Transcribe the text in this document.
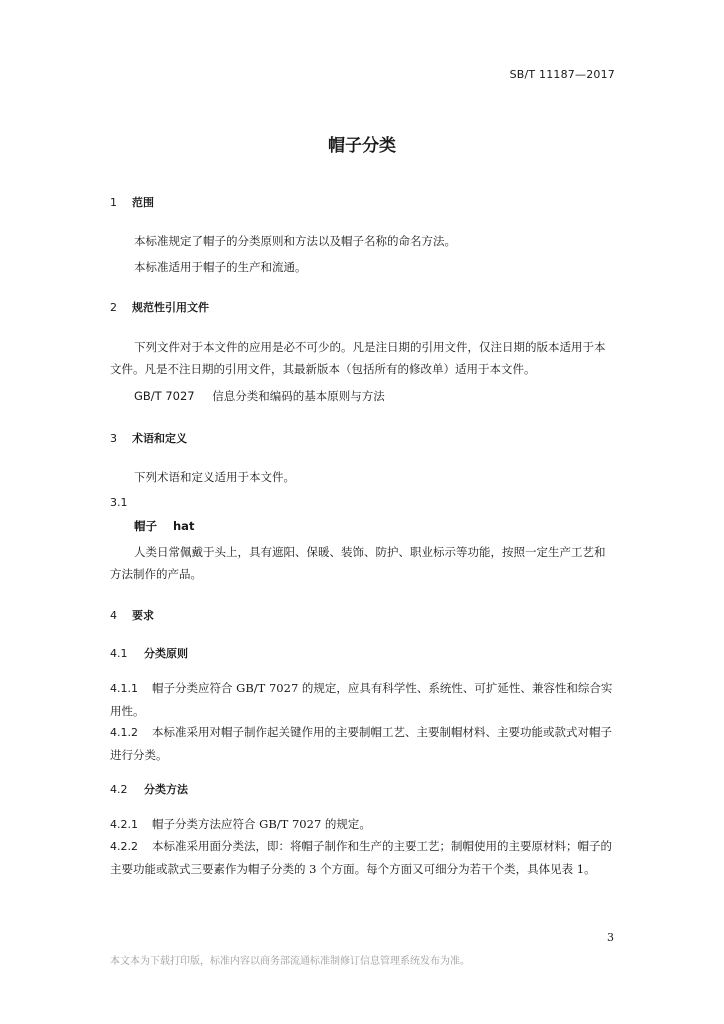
SB/T 11187—2017
帽子分类
1 范围
本标准规定了帽子的分类原则和方法以及帽子名称的命名方法。
本标准适用于帽子的生产和流通。
2 规范性引用文件
下列文件对于本文件的应用是必不可少的。凡是注日期的引用文件，仅注日期的版本适用于本文件。凡是不注日期的引用文件，其最新版本（包括所有的修改单）适用于本文件。
GB/T 7027 信息分类和编码的基本原则与方法
3 术语和定义
下列术语和定义适用于本文件。
3.1
帽子 hat
人类日常佩戴于头上，具有遮阳、保暖、装饰、防护、职业标示等功能，按照一定生产工艺和方法制作的产品。
4 要求
4.1 分类原则
4.1.1 帽子分类应符合 GB/T 7027 的规定，应具有科学性、系统性、可扩延性、兼容性和综合实用性。
4.1.2 本标准采用对帽子制作起关键作用的主要制帽工艺、主要制帽材料、主要功能或款式对帽子进行分类。
4.2 分类方法
4.2.1 帽子分类方法应符合 GB/T 7027 的规定。
4.2.2 本标准采用面分类法，即：将帽子制作和生产的主要工艺；制帽使用的主要原材料；帽子的主要功能或款式三要素作为帽子分类的 3 个方面。每个方面又可细分为若干个类，具体见表 1。
3
本文本为下载打印版，标准内容以商务部流通标准制修订信息管理系统发布为准。
